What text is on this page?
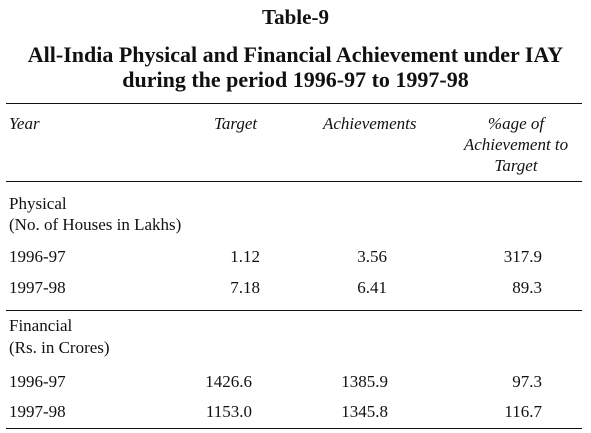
Table-9
All-India Physical and Financial Achievement under IAY
during the period 1996-97 to 1997-98
Year	Target	Achievements	%age of
Achievement to
Target
Physical
(No. of Houses in Lakhs)
1996-97	1.12	3.56	317.9
1997-98	7.18	6.41	89.3
Financial
(Rs. in Crores)
1996-97	1426.6	1385.9	97.3
1997-98	1153.0	1345.8	116.7
